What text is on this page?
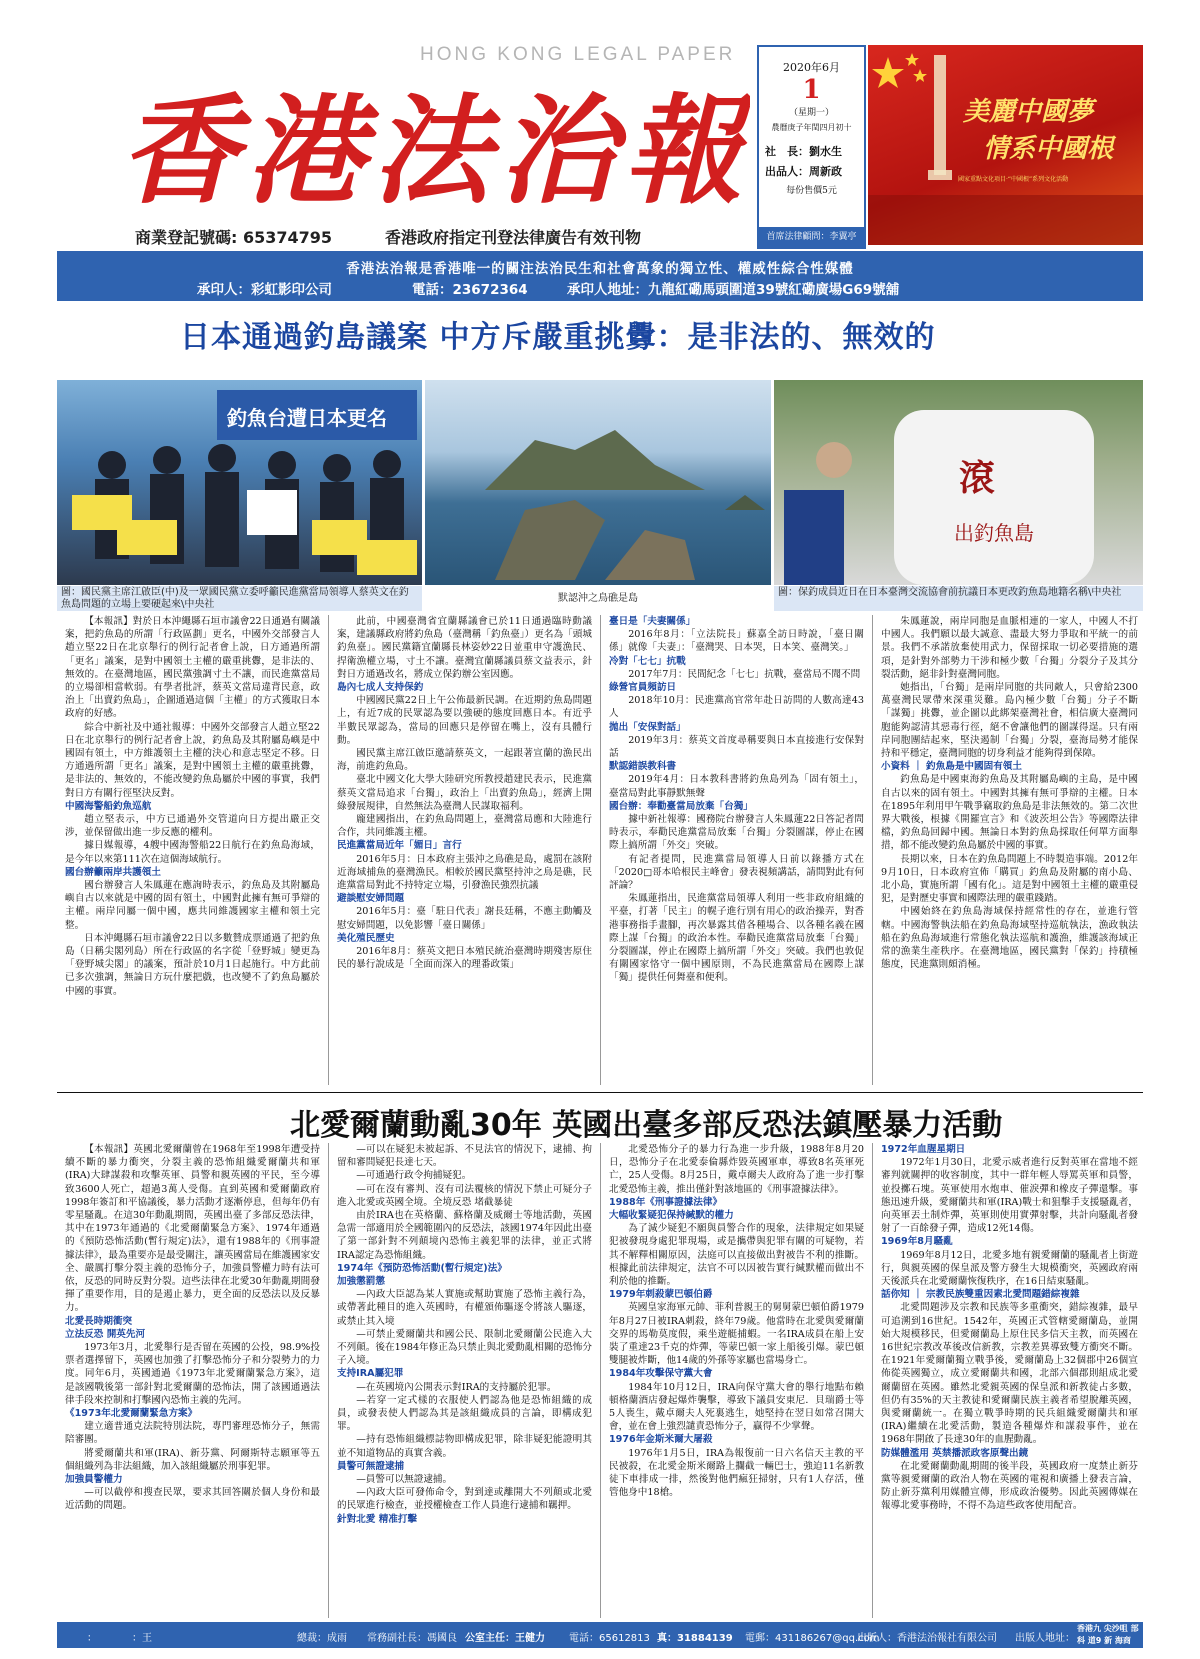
HONG KONG LEGAL PAPER
香港法治報
商業登記號碼: 65374795	香港政府指定刊登法律廣告有效刊物
2020年6月
1
（星期一）
農曆庚子年閏四月初十
社　長：劉水生
出品人：周新政
每份售價5元
首席法律顧問：李翼亭
美麗中國夢
情系中國根
國家重點文化項目·“中國根”系列文化活動
香港法治報是香港唯一的關注法治民生和社會萬象的獨立性、權威性綜合性媒體
承印人：彩虹影印公司	電話：23672364	承印人地址：九龍紅磡馬頭圍道39號紅磡廣場G69號舖
日本通過釣島議案 中方斥嚴重挑釁：是非法的、無效的
釣魚台遭日本更名
滾
出釣魚島
圖：國民黨主席江啟臣(中)及一眾國民黨立委呼籲民進黨當局領導人蔡英文在釣魚島問題的立場上要硬起來\中央社
默認沖之鳥礁是島
圖：保釣成員近日在日本臺灣交流協會前抗議日本更改釣魚島地籍名稱\中央社

【本報訊】對於日本沖繩縣石垣市議會22日通過有關議案，把釣魚島的所謂「行政區劃」更名，中國外交部發言人趙立堅22日在北京舉行的例行記者會上說，日方通過所謂「更名」議案，是對中國領土主權的嚴重挑釁，是非法的、無效的。在臺灣地區，國民黨強調寸土不讓，而民進黨當局的立場卻相當軟弱。有學者批評，蔡英文當局違背民意，政治上「出賣釣魚島」，企圖通過這個「主權」的方式獲取日本政府的好感。

綜合中新社及中通社報導：中國外交部發言人趙立堅22日在北京舉行的例行記者會上說，釣魚島及其附屬島嶼是中國固有領土，中方維護領土主權的決心和意志堅定不移。日方通過所謂「更名」議案，是對中國領土主權的嚴重挑釁，是非法的、無效的，不能改變釣魚島屬於中國的事實，我們對日方有關行徑堅決反對。

中國海警船釣魚巡航

趙立堅表示，中方已通過外交管道向日方提出嚴正交涉，並保留做出進一步反應的權利。

據日媒報導，4艘中國海警船22日航行在釣魚島海域，是今年以來第111次在這個海域航行。

國台辦籲兩岸共護領土

國台辦發言人朱鳳蓮在應詢時表示，釣魚島及其附屬島嶼自古以來就是中國的固有領土，中國對此擁有無可爭辯的主權。兩岸同屬一個中國，應共同維護國家主權和領土完整。

日本沖繩縣石垣市議會22日以多數贊成票通過了把釣魚島（日稱尖閣列島）所在行政區的名字從「登野城」變更為「登野城尖閣」的議案，預計於10月1日起施行。中方此前已多次強調，無論日方玩什麼把戲，也改變不了釣魚島屬於中國的事實。

此前，中國臺灣省宜蘭縣議會已於11日通過臨時動議案，建議縣政府將釣魚島（臺灣稱「釣魚臺」）更名為「頭城釣魚臺」。國民黨籍宜蘭縣長林姿妙22日並重申守護漁民、捍衛漁權立場，寸土不讓。臺灣宜蘭縣議員蔡文益表示，針對日方通過改名，將成立保釣辦公室因應。

島內七成人支持保釣

中國國民黨22日上午公佈最新民調。在近期釣魚島問題上，有近7成的民眾認為要以強硬的態度回應日本。有近乎半數民眾認為，當局的回應只是停留在嘴上，沒有具體行動。

國民黨主席江啟臣邀請蔡英文，一起跟著宣蘭的漁民出海，前進釣魚島。

臺北中國文化大學大陸研究所教授趙建民表示，民進黨蔡英文當局追求「台獨」，政治上「出賣釣魚島」，經濟上開綠發展規律，自然無法為臺灣人民謀取福利。

龐建國指出，在釣魚島問題上，臺灣當局應和大陸進行合作，共同維護主權。

民進黨當局近年「媚日」言行

2016年5月：日本政府主張沖之鳥礁是島，處罰在該附近海域捕魚的臺灣漁民。相較於國民黨堅持沖之鳥是礁，民進黨當局對此不持特定立場，引發漁民強烈抗議

避談慰安婦問題

2016年5月：臺「駐日代表」謝長廷稱，不應主動觸及慰安婦問題，以免影響「臺日關係」

美化殖民歷史

2016年8月：蔡英文把日本殖民統治臺灣時期殘害原住民的暴行說成是「全面而深入的理番政策」

臺日是「夫妻關係」

2016年8月：「立法院長」蘇嘉全訪日時說，「臺日關係」就像「夫妻」：「臺灣哭、日本哭，日本笑、臺灣笑。」

冷對「七七」抗戰

2017年7月：民間紀念「七七」抗戰，臺當局不聞不問

綠營官員頻訪日

2018年10月：民進黨高官常年赴日訪問的人數高達43人

拋出「安保對話」

2019年3月：蔡英文首度尋稱要與日本直接進行安保對話

默認錯誤教科書

2019年4月：日本教科書將釣魚島列為「固有領土」，臺當局對此事靜默無聲

國台辦：奉勸臺當局放棄「台獨」

據中新社報導：國務院台辦發言人朱鳳蓮22日答記者問時表示，奉勸民進黨當局放棄「台獨」分裂圖謀，停止在國際上搞所謂「外交」突破。

有記者提問，民進黨當局領導人日前以錄播方式在「2020□哥本哈根民主峰會」發表視頻講話，請問對此有何評論？

朱鳳蓮指出，民進黨當局領導人利用一些非政府組織的平臺，打著「民主」的幌子進行別有用心的政治操弄，對香港事務指手畫腳，再次暴露其借各種場合、以各種名義在國際上謀「台獨」的政治本性。奉勸民進黨當局放棄「台獨」分裂圖謀，停止在國際上搞所謂「外交」突破。我們也敦促有關國家恪守一個中國原則，不為民進黨當局在國際上謀「獨」提供任何舞臺和便利。

朱鳳蓮說，兩岸同胞是血脈相連的一家人，中國人不打中國人。我們願以最大誠意、盡最大努力爭取和平統一的前景。我們不承諾放棄使用武力，保留採取一切必要措施的選項，是針對外部勢力干涉和極少數「台獨」分裂分子及其分裂活動，絕非針對臺灣同胞。

她指出，「台獨」是兩岸同胞的共同敵人，只會給2300萬臺灣民眾帶來深重災難。島內極少數「台獨」分子不斷「謀獨」挑釁，並企圖以此綁架臺灣社會，相信廣大臺灣同胞能夠認清其惡毒行徑，絕不會讓他們的圖謀得逞。只有兩岸同胞團結起來，堅決遏制「台獨」分裂，臺海局勢才能保持和平穩定，臺灣同胞的切身利益才能夠得到保障。

小資料 ｜ 釣魚島是中國固有領土

釣魚島是中國東海釣魚島及其附屬島嶼的主島，是中國自古以來的固有領土。中國對其擁有無可爭辯的主權。日本在1895年利用甲午戰爭竊取釣魚島是非法無效的。第二次世界大戰後，根據《開羅宣言》和《波茨坦公告》等國際法律檔，釣魚島回歸中國。無論日本對釣魚島採取任何單方面舉措，都不能改變釣魚島屬於中國的事實。

長期以來，日本在釣魚島問題上不時製造事端。2012年9月10日，日本政府宣佈「購買」釣魚島及附屬的南小島、北小島，實施所謂「國有化」。這是對中國領土主權的嚴重侵犯，是對歷史事實和國際法理的嚴重踐踏。

中國始終在釣魚島海域保持經常性的存在，並進行管轄。中國海警執法船在釣魚島海域堅持巡航執法，漁政執法船在釣魚島海域進行常態化執法巡航和護漁，維護該海域正常的漁業生產秩序。在臺灣地區，國民黨對「保釣」持積極態度，民進黨則頗消極。

北愛爾蘭動亂30年 英國出臺多部反恐法鎮壓暴力活動

【本報訊】英國北愛爾蘭曾在1968年至1998年遭受持續不斷的暴力衝突，分裂主義的恐怖組織愛爾蘭共和軍(IRA)大肆謀殺和攻擊英軍、員警和親英國的平民，至今導致3600人死亡，超過3萬人受傷。直到英國和愛爾蘭政府1998年簽訂和平協議後，暴力活動才逐漸停息，但每年仍有零星騷亂。在這30年動亂期間，英國出臺了多部反恐法律，其中在1973年通過的《北愛爾蘭緊急方案》、1974年通過的《預防恐怖活動(暫行規定)法》，還有1988年的《刑事證據法律》，最為重要亦是最受關注，讓英國當局在維護國家安全、嚴厲打擊分裂主義的恐怖分子，加強員警權力時有法可依，反恐的同時反對分裂。這些法律在北愛30年動亂期間發揮了重要作用，目的是遏止暴力，更全面的反恐法以及反暴力。

北愛長時期衝突

立法反恐 開英先河

1973年3月，北愛舉行是否留在英國的公投，98.9%投票者選擇留下，英國也加強了打擊恐怖分子和分裂勢力的力度。同年6月，英國通過《1973年北愛爾蘭緊急方案》，這是該國戰後第一部針對北愛爾蘭的恐怖法，開了該國通過法律手段來控制和打擊國內恐怖主義的先河。

《1973年北愛爾蘭緊急方案》

建立適普通克法院特別法院，專門審理恐怖分子，無需陪審團。

將愛爾蘭共和軍(IRA)、新芬黨、阿爾斯特志願軍等五個組織列為非法組織，加入該組織屬於刑事犯罪。

加強員警權力

—可以截停和搜查民眾，要求其回答關於個人身份和最近活動的問題。

—可以在疑犯未被起訴、不見法官的情況下，逮捕、拘留和審問疑犯長達七天。

—可通過行政令拘捕疑犯。

—可在沒有審判、沒有司法覆核的情況下禁止可疑分子進入北愛或英國全境。全境反恐 堵截暴徒

由於IRA也在英格蘭、蘇格蘭及威爾士等地活動，英國急需一部適用於全國範圍內的反恐法，該國1974年因此出臺了第一部針對不列顛境內恐怖主義犯罪的法律，並正式將IRA認定為恐怖組織。

1974年《預防恐怖活動(暫行規定)法》

加強懲罰懲

—內政大臣認為某人實施或幫助實施了恐怖主義行為，或帶著此種目的進入英國時，有權頒佈驅逐令將該人驅逐，或禁止其入境

—可禁止愛爾蘭共和國公民、限制北愛爾蘭公民進入大不列顛。後在1984年修正為只禁止與北愛動亂相關的恐怖分子入境。

支持IRA屬犯罪

—在英國境內公開表示對IRA的支持屬於犯罪。

—若穿一定式樣的衣服使人們認為他是恐怖組織的成員，或發表使人們認為其是該組織成員的言論，即構成犯罪。

—持有恐怖組織標誌物即構成犯罪，除非疑犯能證明其並不知道物品的真實含義。

員警可無證逮捕

—員警可以無證逮捕。

—內政大臣可發佈命令，對到達或離開大不列顛或北愛的民眾進行檢查，並授權檢查工作人員進行逮捕和羈押。

針對北愛 精准打擊

北愛恐怖分子的暴力行為進一步升級，1988年8月20日，恐怖分子在北愛泰倫縣炸毀英國軍車，導致8名英軍死亡，25人受傷。8月25日，戴卓爾夫人政府為了進一步打擊北愛恐怖主義，推出僅針對該地區的《刑事證據法律》。

1988年《刑事證據法律》

大幅收緊疑犯保持緘默的權力

為了減少疑犯不願與員警合作的現象，法律規定如果疑犯被發現身處犯罪現場，或是攜帶與犯罪有關的可疑物，若其不解釋相關原因，法庭可以直接做出對被告不利的推斷。根據此前法律規定，法官不可以因被告實行緘默權而做出不利於他的推斷。

1979年刺殺蒙巴頓伯爵

英國皇家海軍元帥、菲利普親王的舅舅蒙巴頓伯爵1979年8月27日被IRA刺殺，終年79歲。他當時在北愛與愛爾蘭交界的馬勒莫度假，乘坐遊艇捕蝦。一名IRA成員在船上安裝了重達23千克的炸彈，等蒙巴頓一家上船後引爆。蒙巴頓雙腿被炸斷，他14歲的外孫等家屬也當場身亡。

1984年攻擊保守黨大會

1984年10月12日，IRA向保守黨大會的舉行地點布賴頓格蘭酒店發起爆炸襲擊，導致下議員安東尼．貝瑞爵士等5人喪生，戴卓爾夫人死裏逃生，她堅持在翌日如常召開大會，並在會上強烈譴責恐怖分子，贏得不少掌聲。

1976年金斯米爾大屠殺

1976年1月5日，IRA為報復前一日六名信天主教的平民被殺，在北愛金斯米爾路上攔截一輛巴士，強迫11名新教徒下車排成一排，然後對他們瘋狂掃射，只有1人存活，僅管他身中18槍。

1972年血腥星期日

1972年1月30日，北愛示威者進行反對英軍在當地不經審判就關押的收容制度，其中一群年輕人辱罵英軍和員警，並投擲石塊。英軍使用水炮車、催淚彈和橡皮子彈還擊。事態迅速升級，愛爾蘭共和軍(IRA)戰士和狙擊手支援騷亂者，向英軍丟土制炸彈，英軍則使用實彈射擊，共計向騷亂者發射了一百餘發子彈，造成12死14傷。

1969年8月騷亂

1969年8月12日，北愛多地有親愛爾蘭的騷亂者上街遊行，與親英國的保皇派及警方發生大規模衝突，英國政府兩天後派兵在北愛爾蘭恢復秩序，在16日結束騷亂。

話你知 ｜ 宗教民族雙重因素北愛問題錯綜複雜

北愛問題涉及宗教和民族等多重衝突，錯綜複雜，最早可追溯到16世紀。1542年，英國正式管轄愛爾蘭島，並開始大規模移民，但愛爾蘭島上原住民多信天主教，而英國在16世紀宗教改革後改信新教，宗教差異導致雙方衝突不斷。在1921年愛爾蘭獨立戰爭後，愛爾蘭島上32個郡中26個宣佈從英國獨立，成立愛爾蘭共和國，北部六個郡則組成北愛爾蘭留在英國。雖然北愛親英國的保皇派和新教徒占多數，但仍有35%的天主教徒和愛爾蘭民族主義者希望脫離英國，與愛爾蘭統一。在獨立戰爭時期的民兵組織愛爾蘭共和軍(IRA)繼續在北愛活動，製造各種爆炸和謀殺事件，並在1968年開啟了長達30年的血腥動亂。

防媒體濫用 英禁播派政客原聲出鏡

在北愛爾蘭動亂期間的後半段，英國政府一度禁止新芬黨等親愛爾蘭的政治人物在英國的電視和廣播上發表言論，防止新芬黨利用媒體宣傳，形成政治優勢。因此英國傳媒在報導北愛事務時，不得不為這些政客使用配音。

：　　　　：王	總裁：成雨 常務副社長：馮國良 公室主任：王健力 電話：65612813 真：31884139 電郵：431186267@qq.com
出版人：香港法治報社有限公司 出版人地址：
香港九 尖沙咀 部科 道9 新 海商 中心2 211室
